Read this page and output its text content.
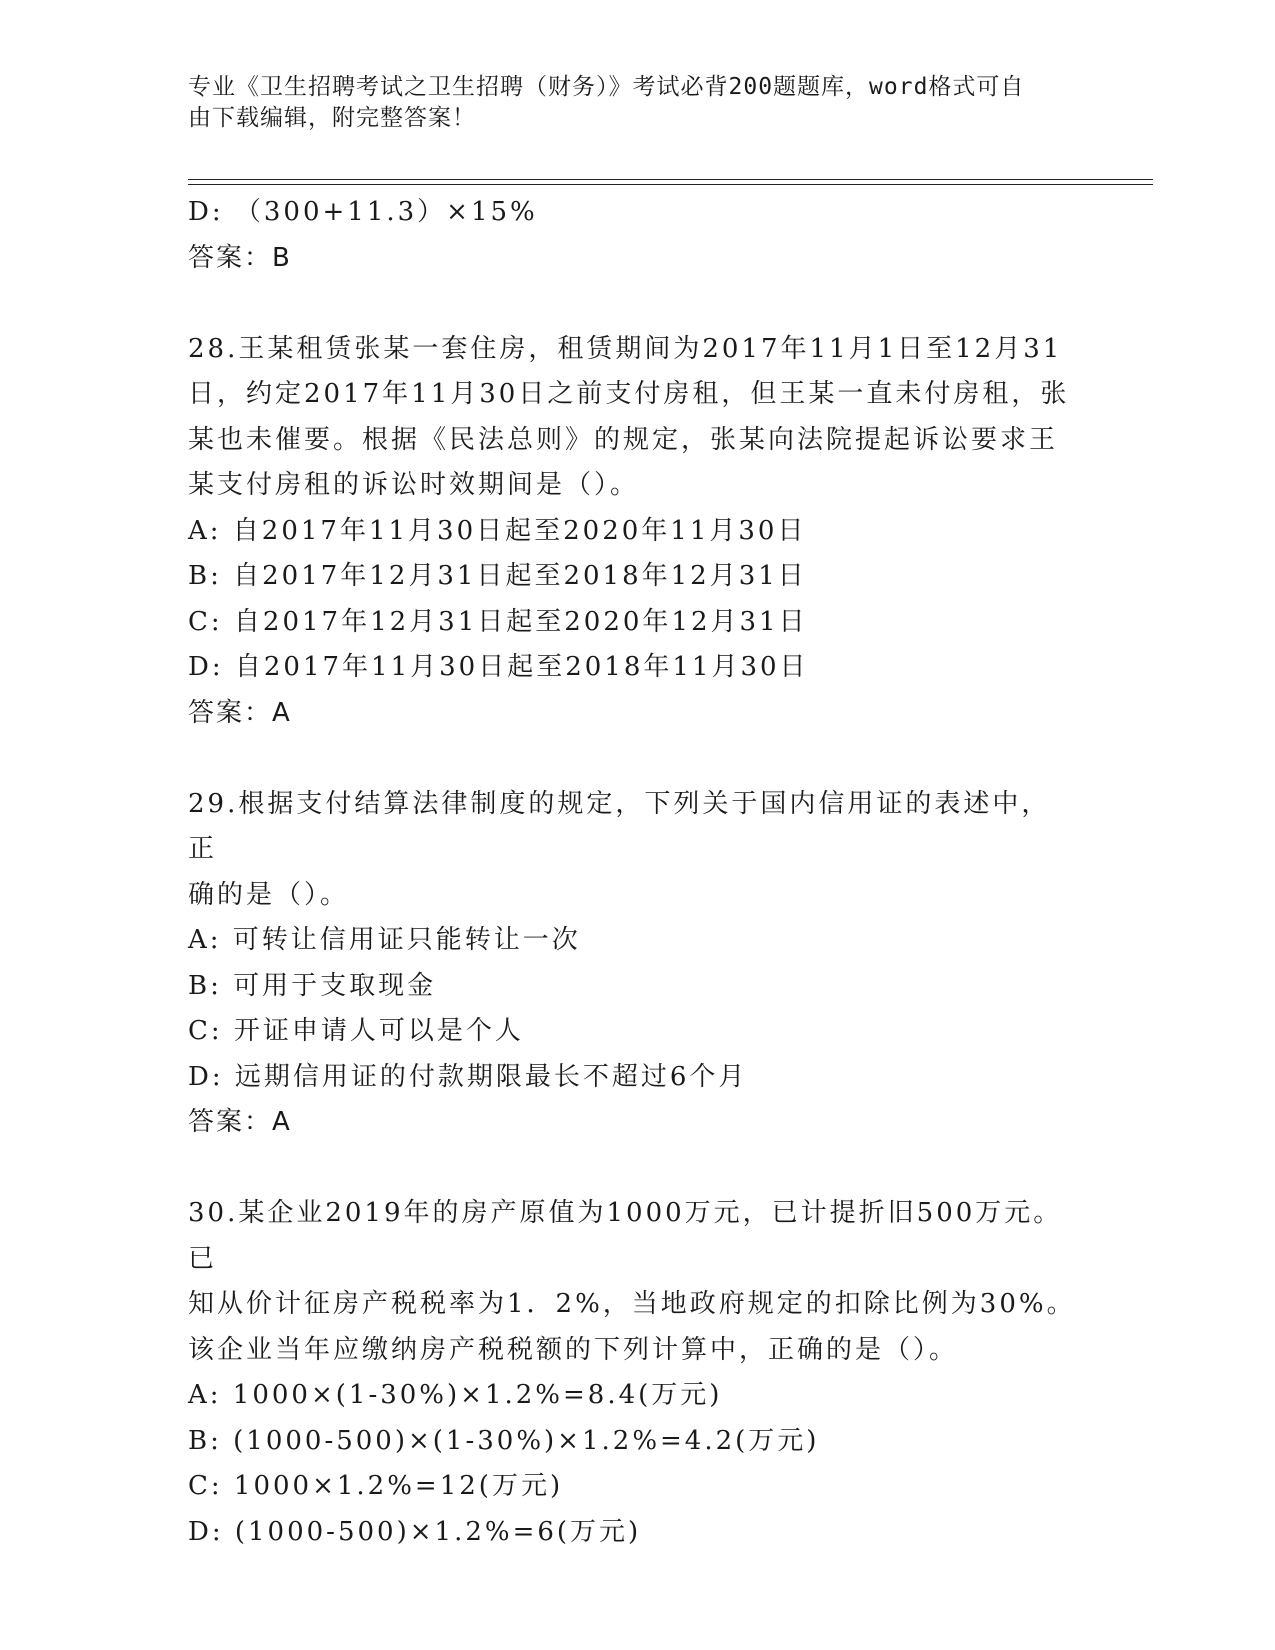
专业《卫生招聘考试之卫生招聘（财务）》考试必背200题题库，word格式可自
由下载编辑，附完整答案！

D: （300+11.3）×15%

答案：B

28.王某租赁张某一套住房，租赁期间为2017年11月1日至12月31

日，约定2017年11月30日之前支付房租，但王某一直未付房租，张

某也未催要。根据《民法总则》的规定，张某向法院提起诉讼要求王

某支付房租的诉讼时效期间是（）。

A: 自2017年11月30日起至2020年11月30日

B: 自2017年12月31日起至2018年12月31日

C: 自2017年12月31日起至2020年12月31日

D: 自2017年11月30日起至2018年11月30日

答案：A

29.根据支付结算法律制度的规定，下列关于国内信用证的表述中，正

确的是（）。

A: 可转让信用证只能转让一次

B: 可用于支取现金

C: 开证申请人可以是个人

D: 远期信用证的付款期限最长不超过6个月

答案：A

30.某企业2019年的房产原值为1000万元，已计提折旧500万元。已

知从价计征房产税税率为1．2%，当地政府规定的扣除比例为30%。

该企业当年应缴纳房产税税额的下列计算中，正确的是（）。

A: 1000×(1-30%)×1.2%=8.4(万元)

B: (1000-500)×(1-30%)×1.2%=4.2(万元)

C: 1000×1.2%=12(万元)

D: (1000-500)×1.2%=6(万元)
